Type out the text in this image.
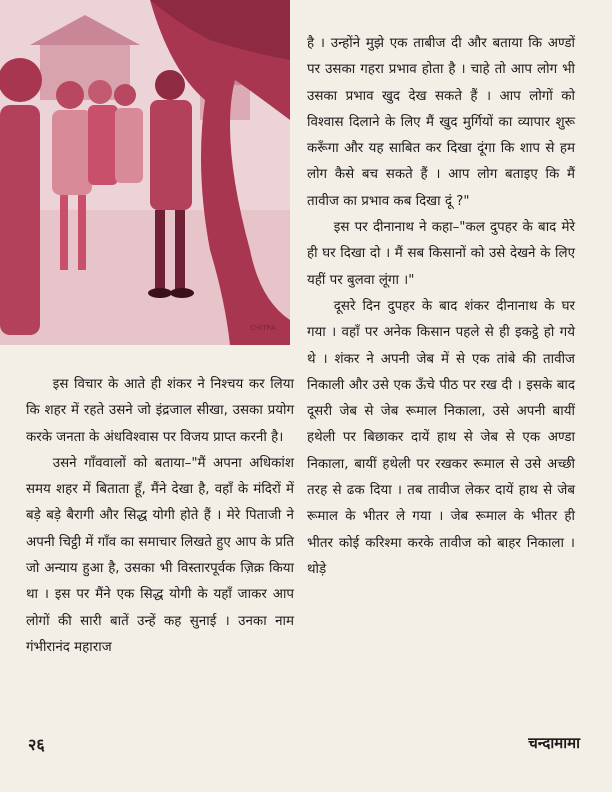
CHITRA

है । उन्होंने मुझे एक ताबीज दी और बताया कि अण्डों पर उसका गहरा प्रभाव होता है । चाहे तो आप लोग भी उसका प्रभाव खुद देख सकते हैं । आप लोगों को विश्वास दिलाने के लिए मैं खुद मुर्गियों का व्यापार शुरू करूँगा और यह साबित कर दिखा दूंगा कि शाप से हम लोग कैसे बच सकते हैं । आप लोग बताइए कि मैं तावीज का प्रभाव कब दिखा दूं ?"

इस पर दीनानाथ ने कहा–"कल दुपहर के बाद मेरे ही घर दिखा दो । मैं सब किसानों को उसे देखने के लिए यहीं पर बुलवा लूंगा ।"

दूसरे दिन दुपहर के बाद शंकर दीनानाथ के घर गया । वहाँ पर अनेक किसान पहले से ही इकट्ठे हो गये थे । शंकर ने अपनी जेब में से एक तांबे की तावीज निकाली और उसे एक ऊँचे पीठ पर रख दी । इसके बाद दूसरी जेब से जेब रूमाल निकाला, उसे अपनी बायीं हथेली पर बिछाकर दायें हाथ से जेब से एक अण्डा निकाला, बायीं हथेली पर रखकर रूमाल से उसे अच्छी तरह से ढक दिया । तब तावीज लेकर दायें हाथ से जेब रूमाल के भीतर ले गया । जेब रूमाल के भीतर ही भीतर कोई करिश्मा करके तावीज को बाहर निकाला । थोड़े

इस विचार के आते ही शंकर ने निश्चय कर लिया कि शहर में रहते उसने जो इंद्रजाल सीखा, उसका प्रयोग करके जनता के अंधविश्वास पर विजय प्राप्त करनी है।

उसने गाँववालों को बताया–"मैं अपना अधिकांश समय शहर में बिताता हूँ, मैंने देखा है, वहाँ के मंदिरों में बड़े बड़े बैरागी और सिद्ध योगी होते हैं । मेरे पिताजी ने अपनी चिट्ठी में गाँव का समाचार लिखते हुए आप के प्रति जो अन्याय हुआ है, उसका भी विस्तारपूर्वक ज़िक्र किया था । इस पर मैंने एक सिद्ध योगी के यहाँ जाकर आप लोगों की सारी बातें उन्हें कह सुनाई । उनका नाम गंभीरानंद महाराज

२६	चन्दामामा
